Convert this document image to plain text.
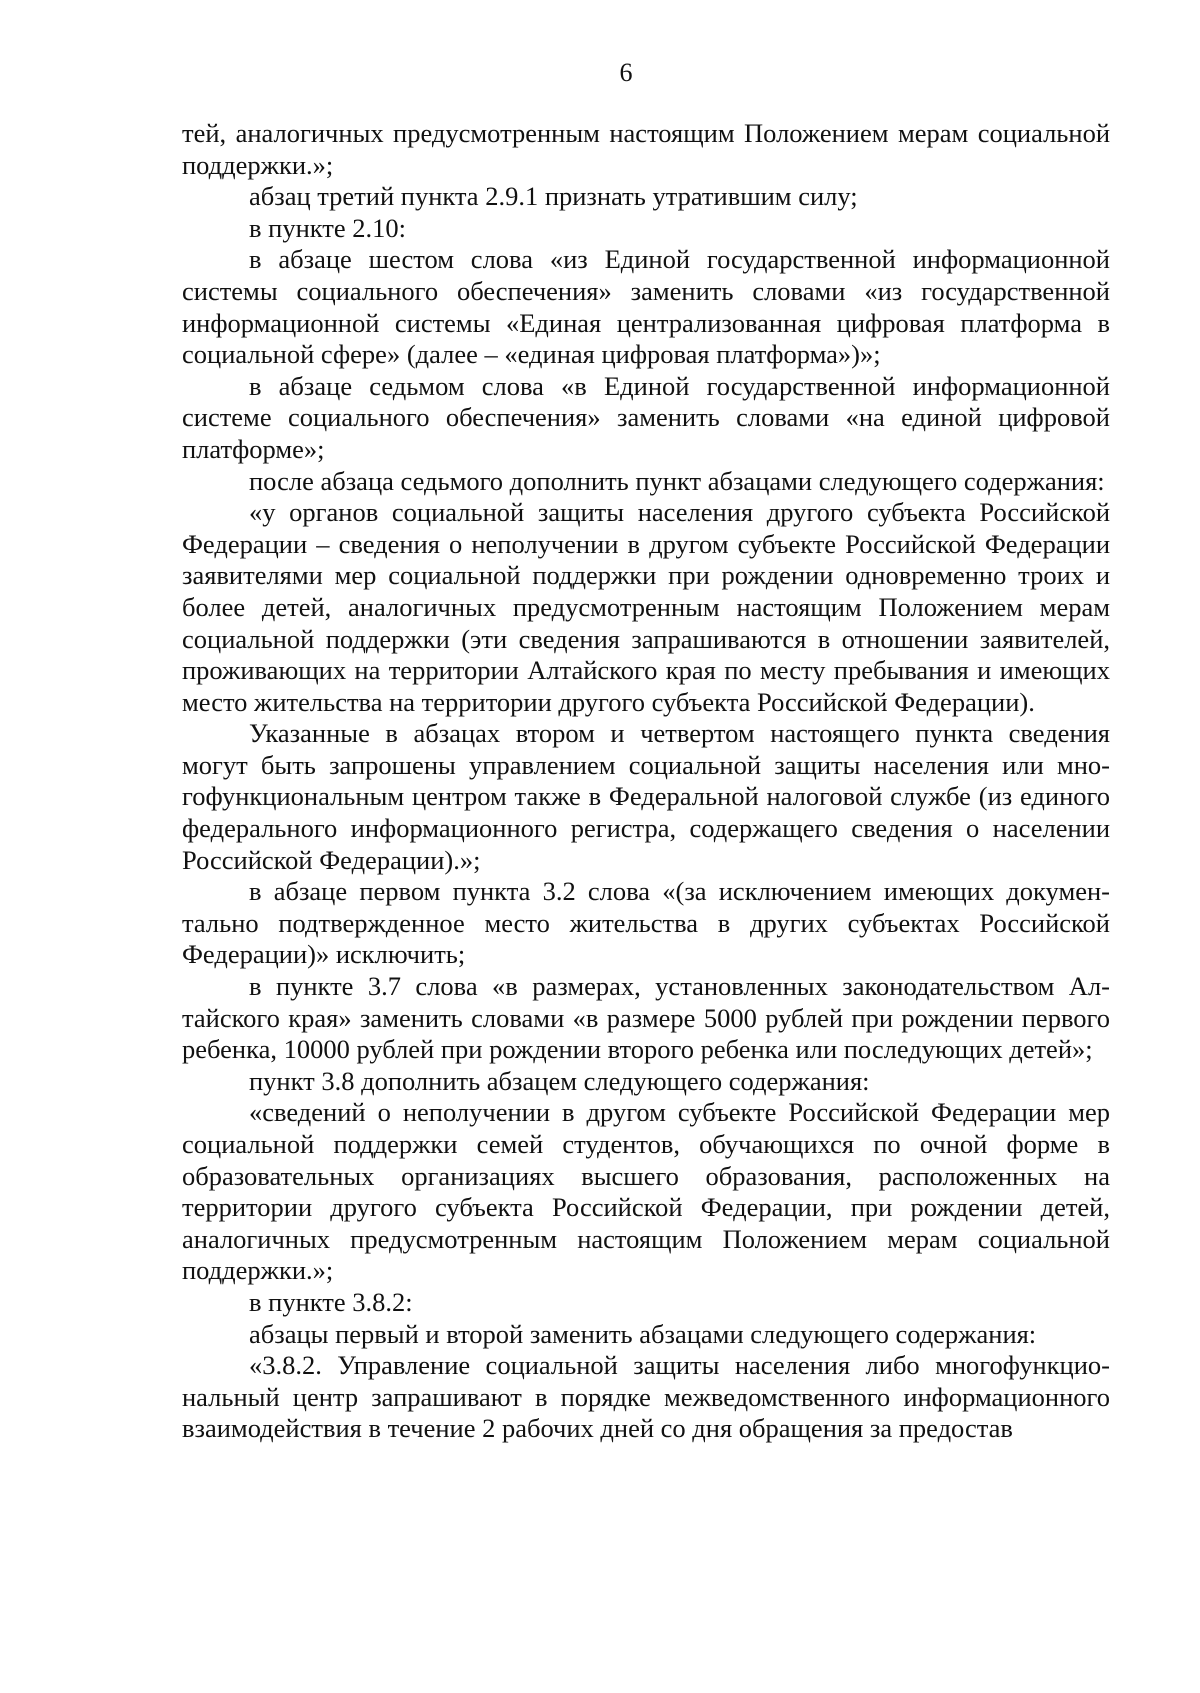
6

тей, аналогичных предусмотренным настоящим Положением мерам социальной поддержки.»;

абзац третий пункта 2.9.1 признать утратившим силу;

в пункте 2.10:

в абзаце шестом слова «из Единой государственной информационной системы социального обеспечения» заменить словами «из государственной информационной системы «Единая централизованная цифровая платформа в социальной сфере» (далее – «единая цифровая платформа»)»;

в абзаце седьмом слова «в Единой государственной информационной системе социального обеспечения» заменить словами «на единой цифровой платформе»;

после абзаца седьмого дополнить пункт абзацами следующего содержания:

«у органов социальной защиты населения другого субъекта Российской Федерации – сведения о неполучении в другом субъекте Российской Федерации заявителями мер социальной поддержки при рождении одновременно троих и более детей, аналогичных предусмотренным настоящим Положением мерам социальной поддержки (эти сведения запрашиваются в отношении заявителей, проживающих на территории Алтайского края по месту пребывания и имеющих место жительства на территории другого субъекта Российской Федерации).

Указанные в абзацах втором и четвертом настоящего пункта сведения могут быть запрошены управлением социальной защиты населения или многофункциональным центром также в Федеральной налоговой службе (из единого федерального информационного регистра, содержащего сведения о населении Российской Федерации).»;

в абзаце первом пункта 3.2 слова «(за исключением имеющих документально подтвержденное место жительства в других субъектах Российской Федерации)» исключить;

в пункте 3.7 слова «в размерах, установленных законодательством Алтайского края» заменить словами «в размере 5000 рублей при рождении первого ребенка, 10000 рублей при рождении второго ребенка или последующих детей»;

пункт 3.8 дополнить абзацем следующего содержания:

«сведений о неполучении в другом субъекте Российской Федерации мер социальной поддержки семей студентов, обучающихся по очной форме в образовательных организациях высшего образования, расположенных на территории другого субъекта Российской Федерации, при рождении детей, аналогичных предусмотренным настоящим Положением мерам социальной поддержки.»;

в пункте 3.8.2:

абзацы первый и второй заменить абзацами следующего содержания:

«3.8.2. Управление социальной защиты населения либо многофункциональный центр запрашивают в порядке межведомственного информационного взаимодействия в течение 2 рабочих дней со дня обращения за предостав
